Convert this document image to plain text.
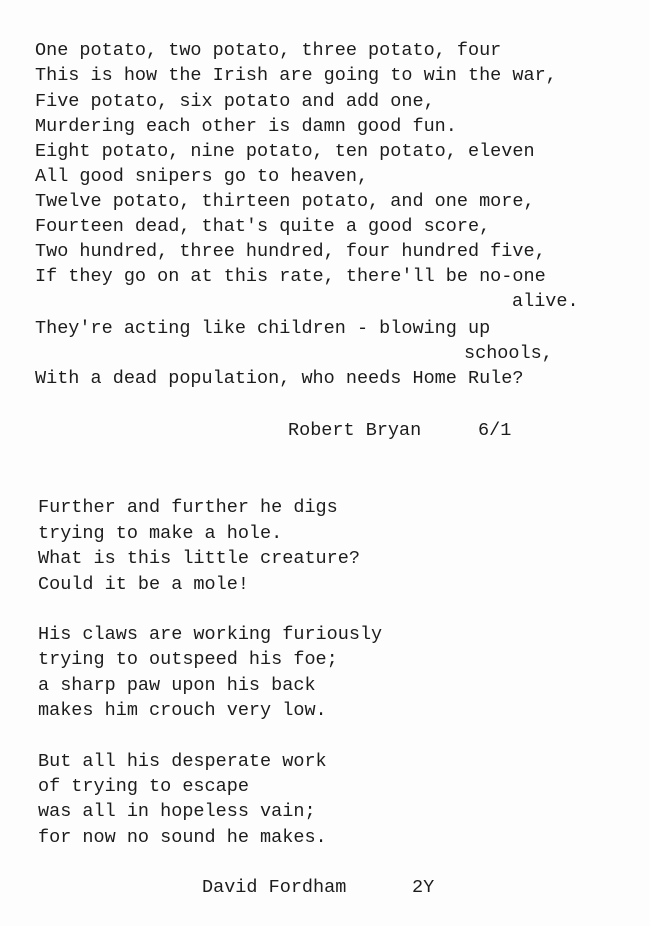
One potato, two potato, three potato, four
This is how the Irish are going to win the war,
Five potato, six potato and add one,
Murdering each other is damn good fun.
Eight potato, nine potato, ten potato, eleven
All good snipers go to heaven,
Twelve potato, thirteen potato, and one more,
Fourteen dead, that's quite a good score,
Two hundred, three hundred, four hundred five,
If they go on at this rate, there'll be no-one
alive.
They're acting like children - blowing up
schools,
With a dead population, who needs Home Rule?
Robert Bryan	6/1
Further and further he digs
trying to make a hole.
What is this little creature?
Could it be a mole!
His claws are working furiously
trying to outspeed his foe;
a sharp paw upon his back
makes him crouch very low.
But all his desperate work
of trying to escape
was all in hopeless vain;
for now no sound he makes.
David Fordham	2Y
